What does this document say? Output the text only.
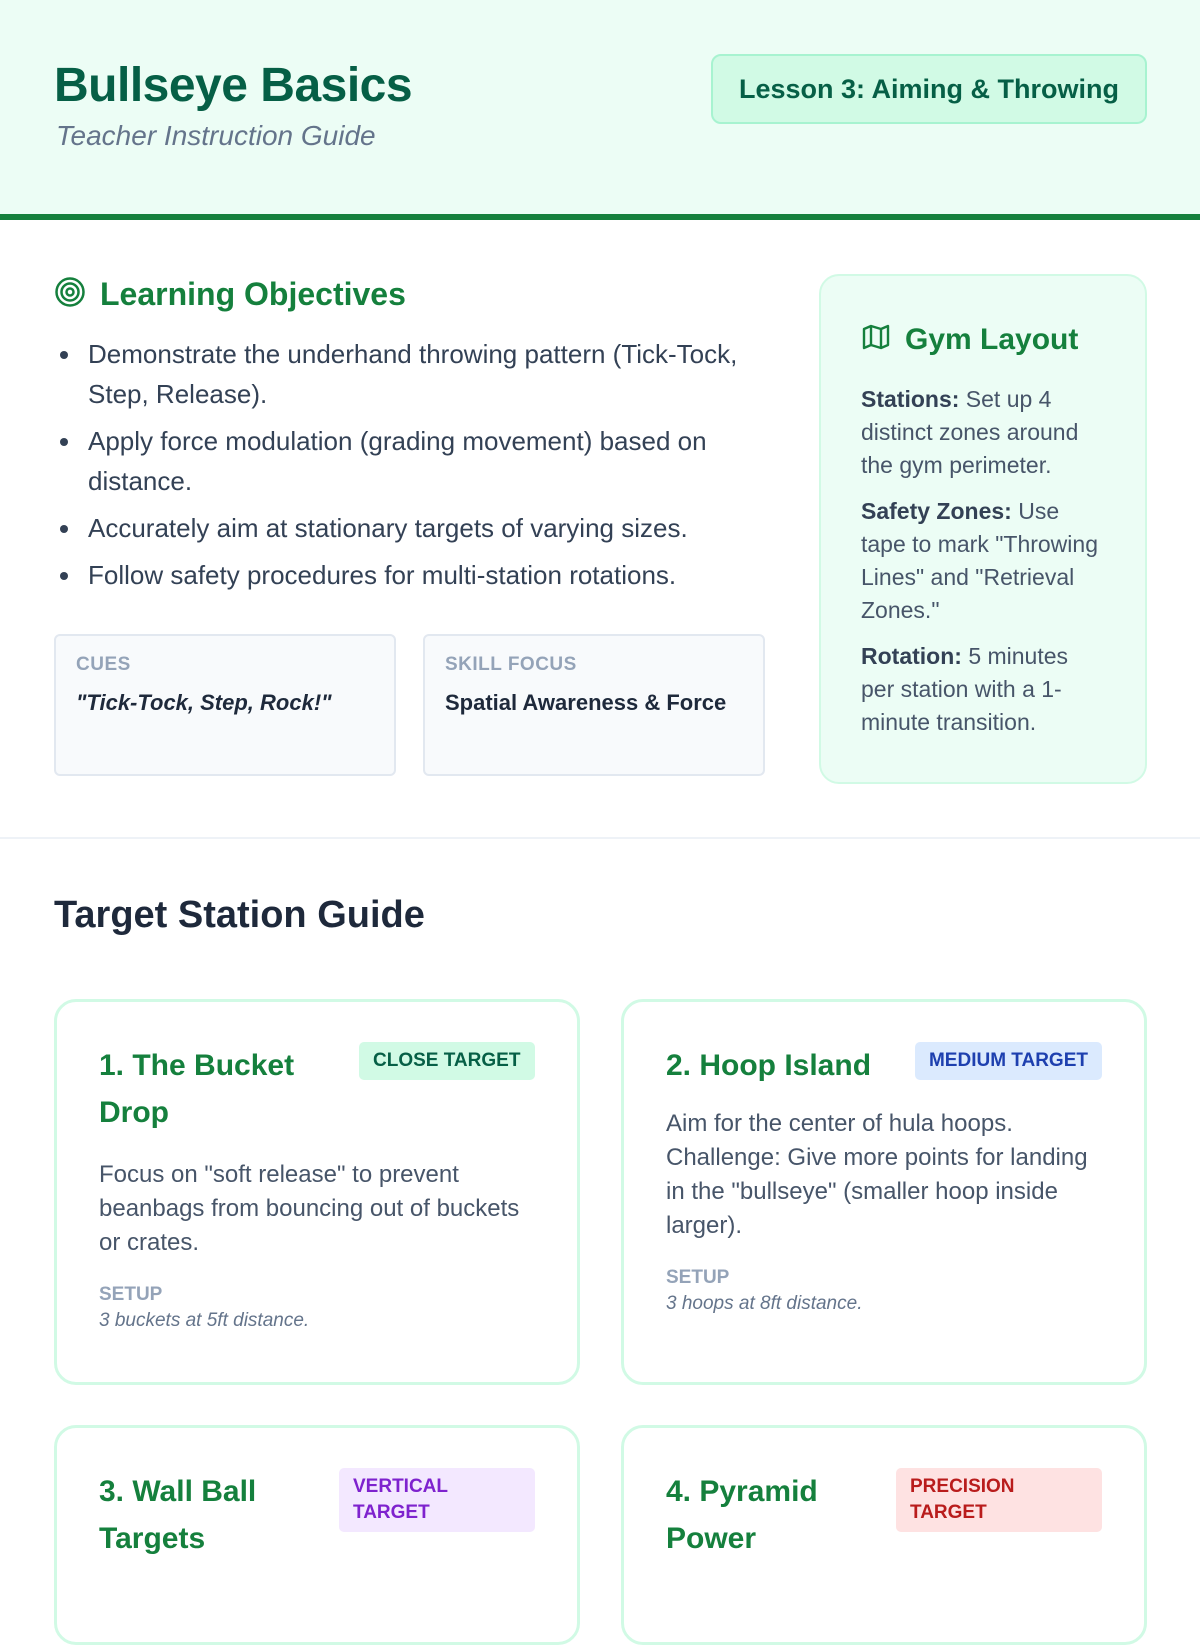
Bullseye Basics
Teacher Instruction Guide
Lesson 3: Aiming & Throwing
Learning Objectives
Demonstrate the underhand throwing pattern (Tick-Tock, Step, Release).
Apply force modulation (grading movement) based on distance.
Accurately aim at stationary targets of varying sizes.
Follow safety procedures for multi-station rotations.
CUES
"Tick-Tock, Step, Rock!"
SKILL FOCUS
Spatial Awareness & Force
Gym Layout

Stations: Set up 4 distinct zones around the gym perimeter.

Safety Zones: Use tape to mark "Throwing Lines" and "Retrieval Zones."

Rotation: 5 minutes per station with a 1-minute transition.

Target Station Guide
1. The Bucket Drop
CLOSE TARGET
Focus on "soft release" to prevent beanbags from bouncing out of buckets or crates.
SETUP
3 buckets at 5ft distance.
2. Hoop Island	MEDIUM TARGET
Aim for the center of hula hoops. Challenge: Give more points for landing in the "bullseye" (smaller hoop inside larger).
SETUP
3 hoops at 8ft distance.
3. Wall Ball Targets
VERTICAL TARGET
4. Pyramid Power
PRECISION TARGET
